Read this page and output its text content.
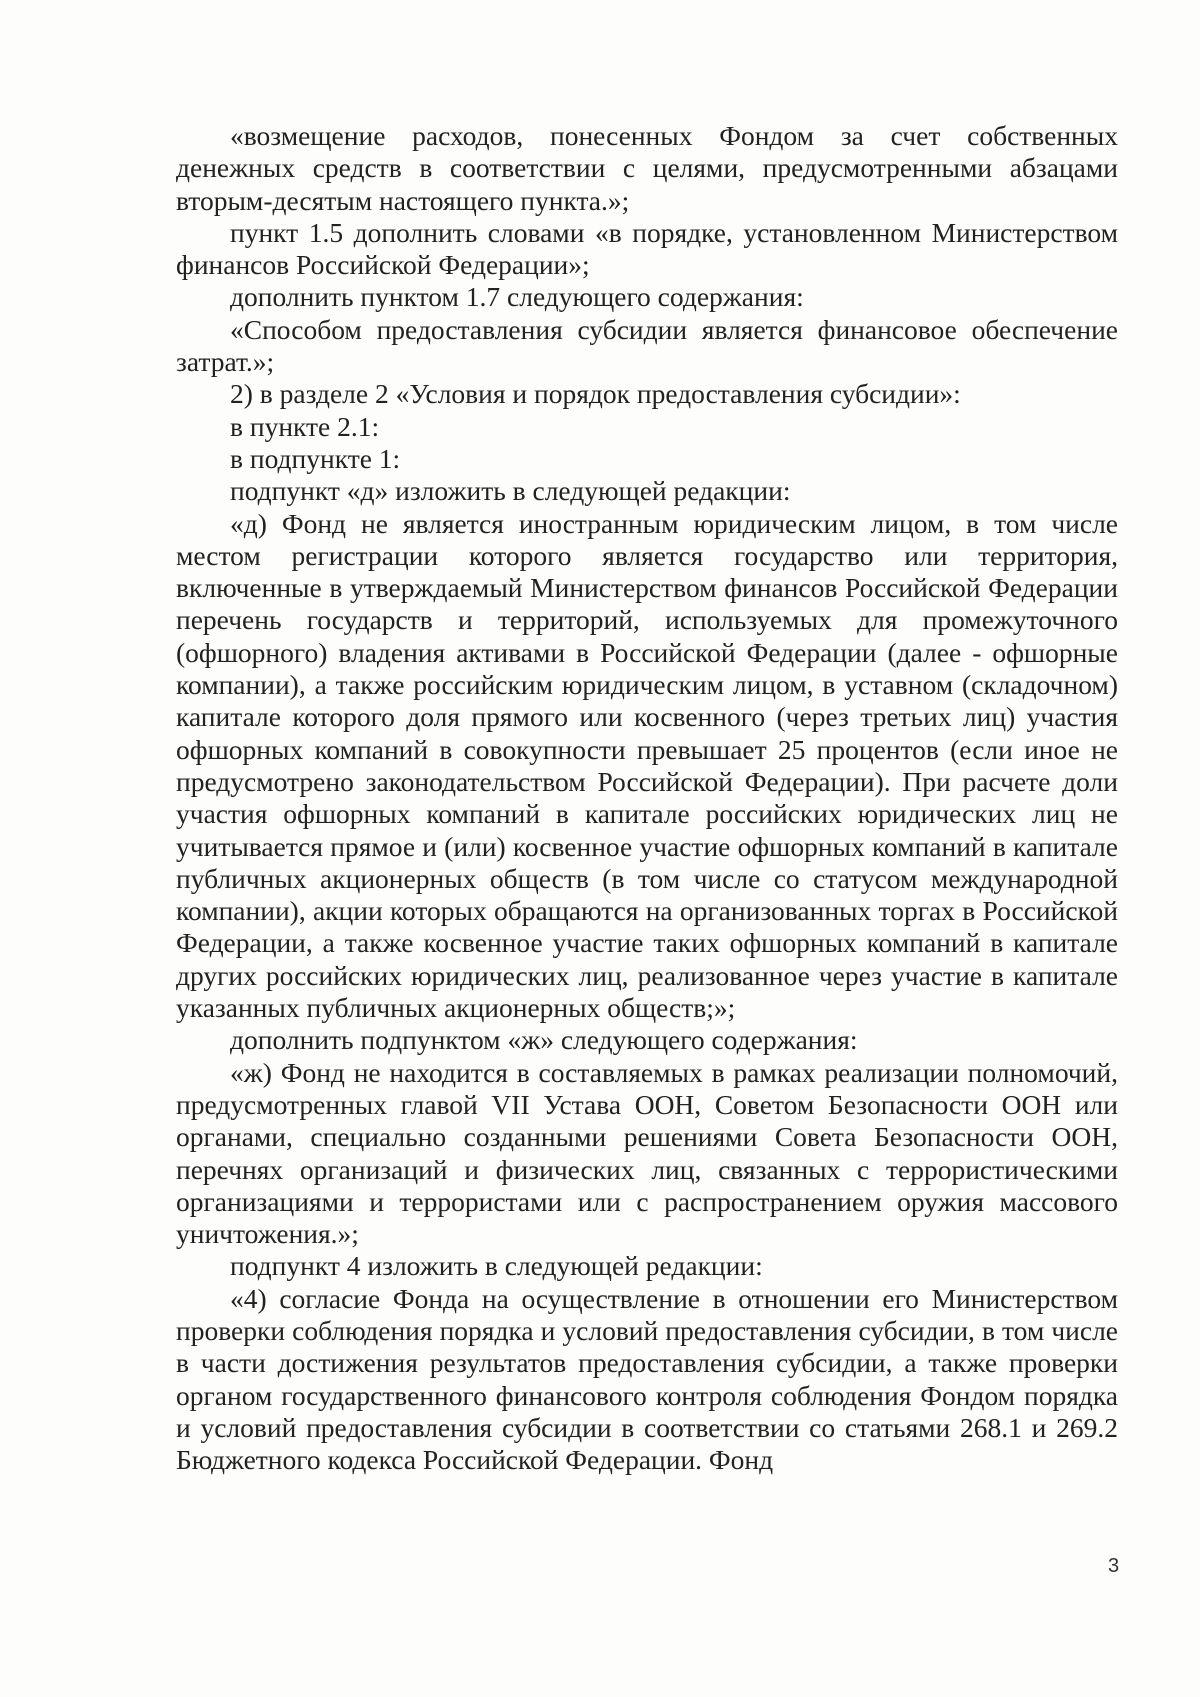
«возмещение расходов, понесенных Фондом за счет собственных денежных средств в соответствии с целями, предусмотренными абзацами вторым-десятым настоящего пункта.»;

пункт 1.5 дополнить словами «в порядке, установленном Министерством финансов Российской Федерации»;

дополнить пунктом 1.7 следующего содержания:

«Способом предоставления субсидии является финансовое обеспечение затрат.»;

2) в разделе 2 «Условия и порядок предоставления субсидии»:

в пункте 2.1:

в подпункте 1:

подпункт «д» изложить в следующей редакции:

«д) Фонд не является иностранным юридическим лицом, в том числе местом регистрации которого является государство или территория, включенные в утверждаемый Министерством финансов Российской Федерации перечень государств и территорий, используемых для промежуточного (офшорного) владения активами в Российской Федерации (далее - офшорные компании), а также российским юридическим лицом, в уставном (складочном) капитале которого доля прямого или косвенного (через третьих лиц) участия офшорных компаний в совокупности превышает 25 процентов (если иное не предусмотрено законодательством Российской Федерации). При расчете доли участия офшорных компаний в капитале российских юридических лиц не учитывается прямое и (или) косвенное участие офшорных компаний в капитале публичных акционерных обществ (в том числе со статусом международной компании), акции которых обращаются на организованных торгах в Российской Федерации, а также косвенное участие таких офшорных компаний в капитале других российских юридических лиц, реализованное через участие в капитале указанных публичных акционерных обществ;»;

дополнить подпунктом «ж» следующего содержания:

«ж) Фонд не находится в составляемых в рамках реализации полномочий, предусмотренных главой VII Устава ООН, Советом Безопасности ООН или органами, специально созданными решениями Совета Безопасности ООН, перечнях организаций и физических лиц, связанных с террористическими организациями и террористами или с распространением оружия массового уничтожения.»;

подпункт 4 изложить в следующей редакции:

«4) согласие Фонда на осуществление в отношении его Министерством проверки соблюдения порядка и условий предоставления субсидии, в том числе в части достижения результатов предоставления субсидии, а также проверки органом государственного финансового контроля соблюдения Фондом порядка и условий предоставления субсидии в соответствии со статьями 268.1 и 269.2 Бюджетного кодекса Российской Федерации. Фонд

3
